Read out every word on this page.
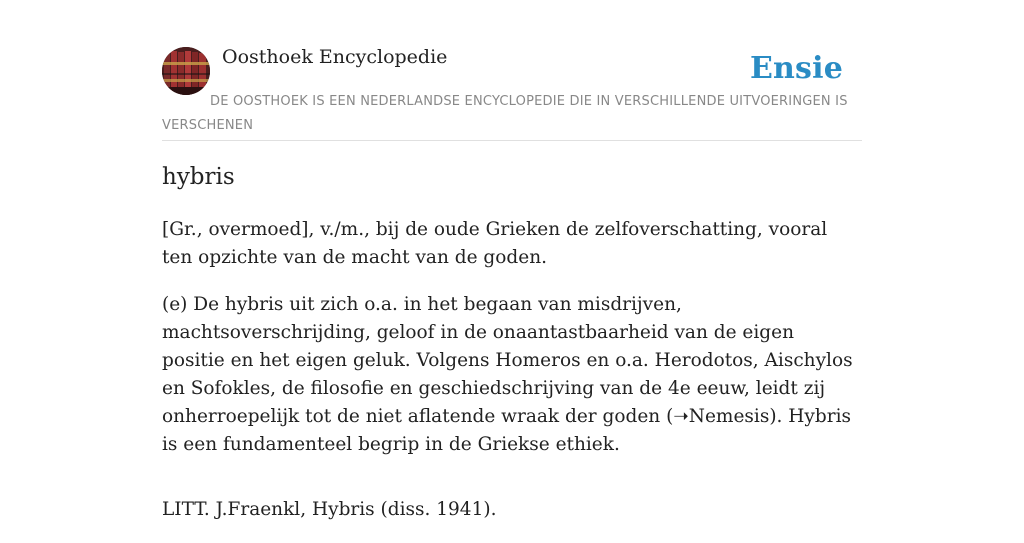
Oosthoek Encyclopedie	Ensie
DE OOSTHOEK IS EEN NEDERLANDSE ENCYCLOPEDIE DIE IN VERSCHILLENDE UITVOERINGEN IS VERSCHENEN
hybris

[Gr., overmoed], v./m., bij de oude Grieken de zelfoverschatting, vooral ten opzichte van de macht van de goden.

(e) De hybris uit zich o.a. in het begaan van misdrijven, machtsoverschrijding, geloof in de onaantastbaarheid van de eigen positie en het eigen geluk. Volgens Homeros en o.a. Herodotos, Aischylos en Sofokles, de filosofie en geschiedschrijving van de 4e eeuw, leidt zij onherroepelijk tot de niet aflatende wraak der goden (➝Nemesis). Hybris is een fundamenteel begrip in de Griekse ethiek.

LITT. J.Fraenkl, Hybris (diss. 1941).
